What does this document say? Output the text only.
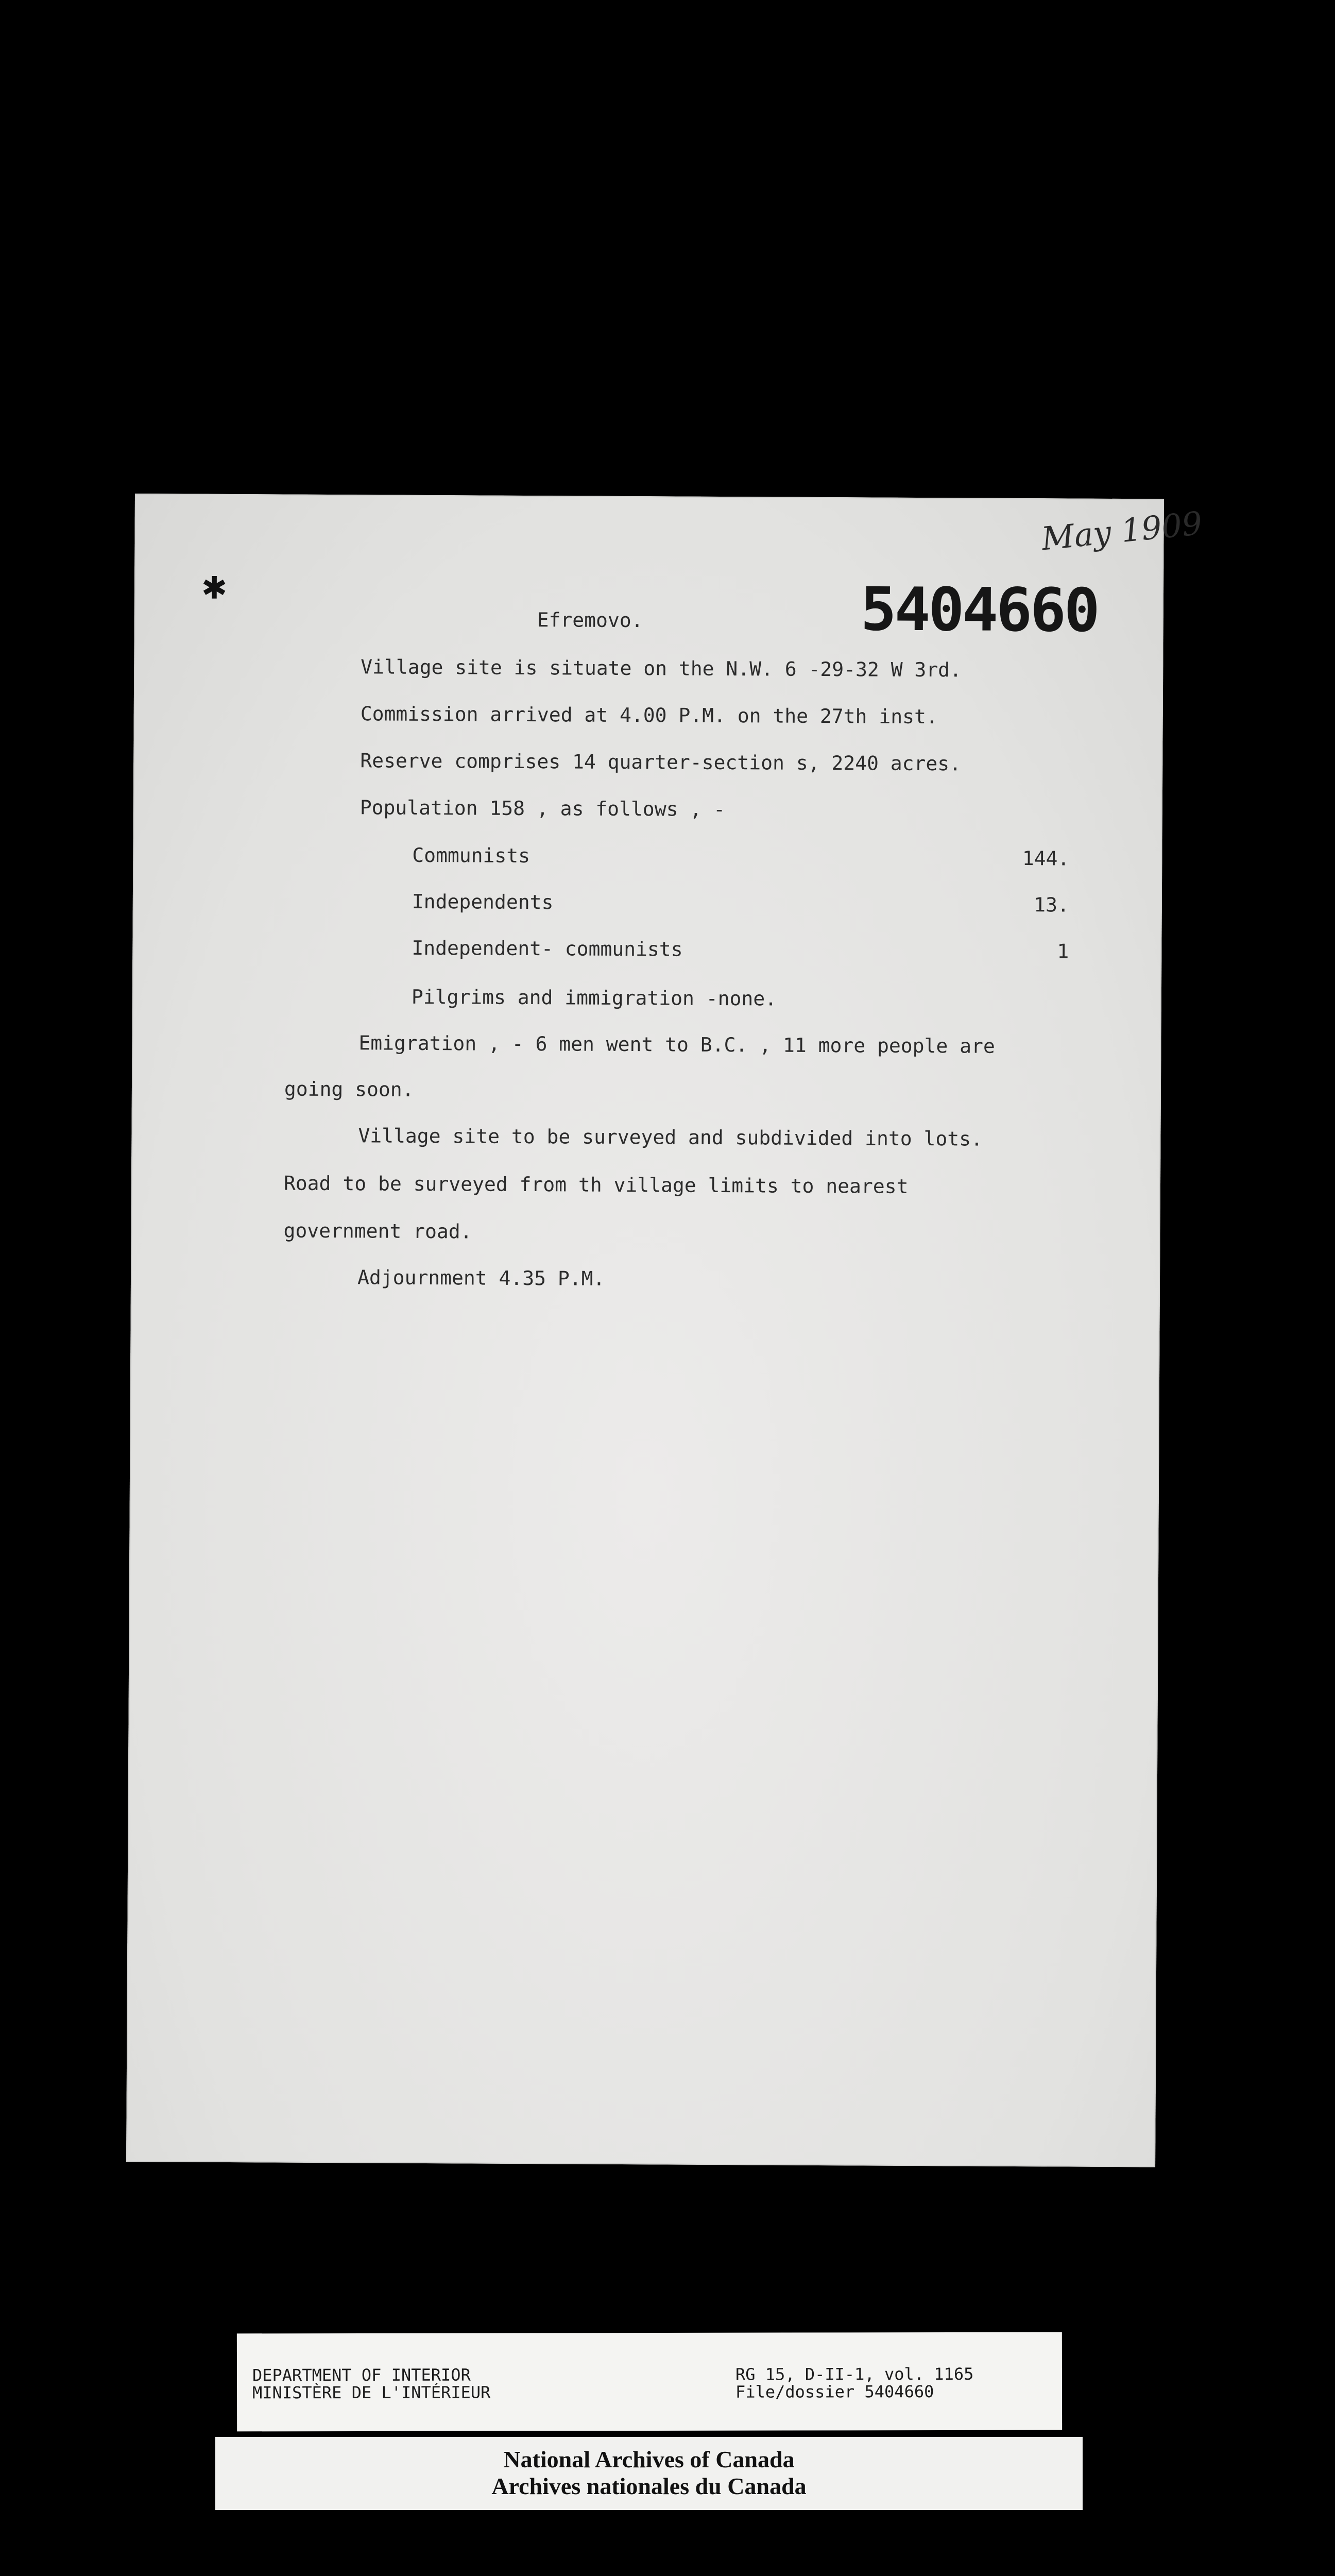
May 1909
✱	5404660
Efremovo.
Village site is situate on the N.W. 6 -29-32 W 3rd.
Commission arrived at 4.00 P.M. on the 27th inst.
Reserve comprises 14 quarter-section s, 2240 acres.
Population 158 , as follows , -
Communists	144.
Independents	13.
Independent- communists	1
Pilgrims and immigration -none.
Emigration , - 6 men went to B.C. , 11 more people are
going soon.
Village site to be surveyed and subdivided into lots.
Road to be surveyed from th village limits to nearest
government road.
Adjournment 4.35 P.M.
DEPARTMENT OF INTERIOR
MINISTÈRE DE L'INTÉRIEUR
RG 15, D-II-1, vol. 1165
File/dossier 5404660
National Archives of Canada
Archives nationales du Canada
